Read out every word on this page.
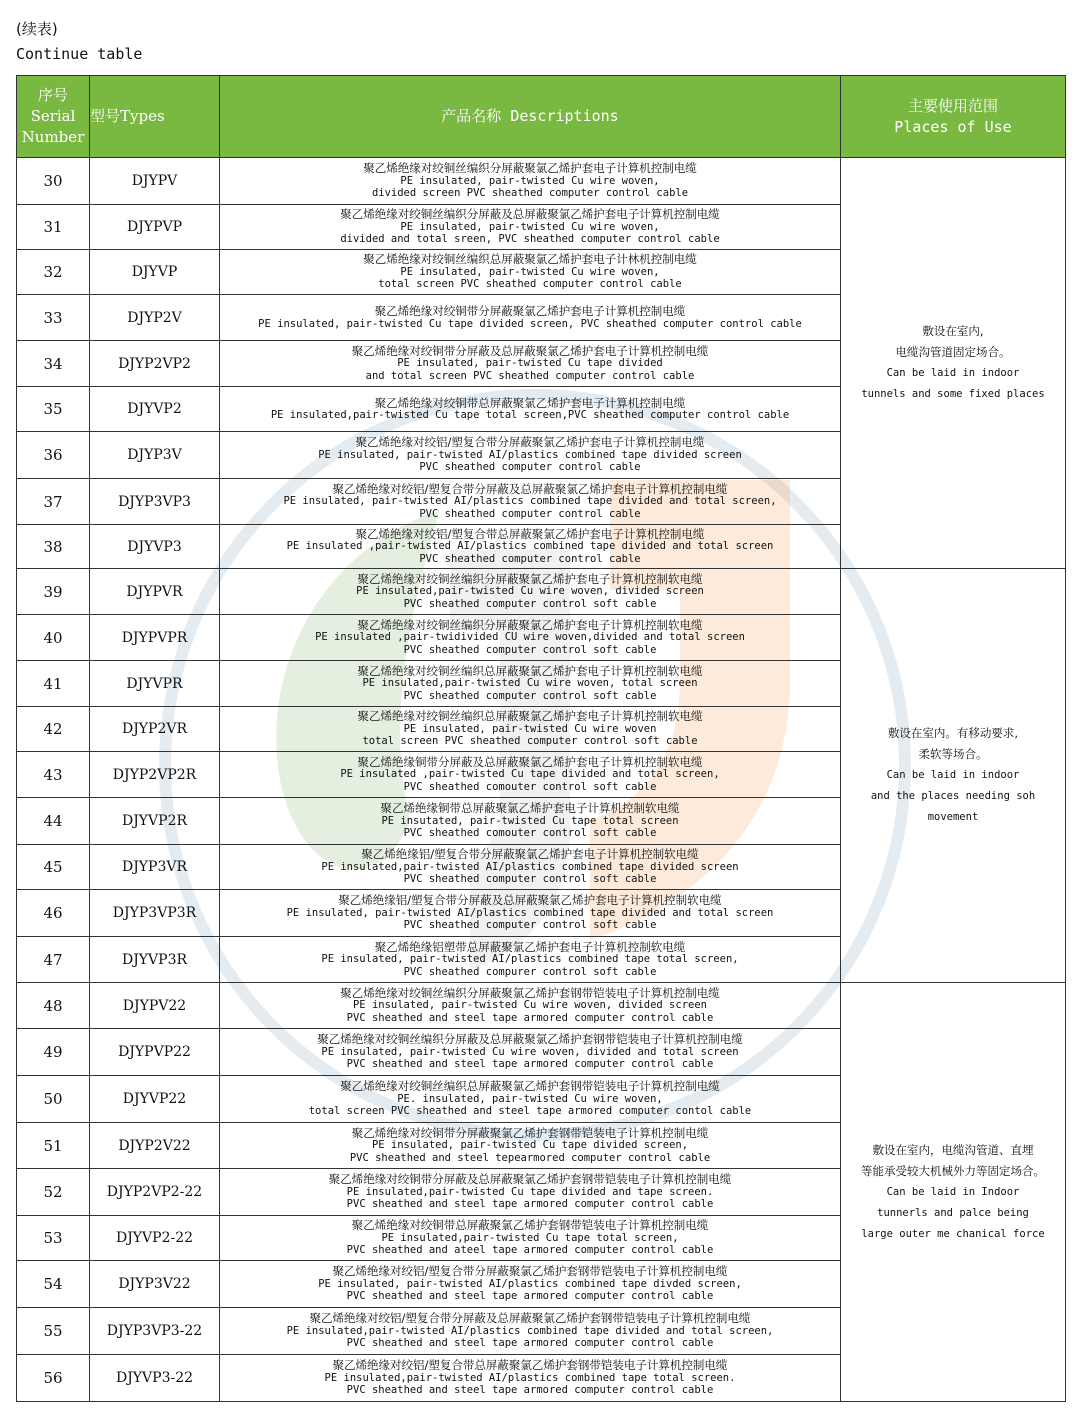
(续表)
Continue table
序号
Serial
Number	型号Types	产品名称 Descriptions	主要使用范围
Places of Use

30	DJYPV	聚乙烯绝缘对绞铜丝编织分屏蔽聚氯乙烯护套电子计算机控制电缆
PE insulated, pair-twisted Cu wire woven,
divided screen PVC sheathed computer control cable	敷设在室内,
电缆沟管道固定场合。
Can be laid in indoor
tunnels and some fixed places

31	DJYPVP	聚乙烯绝缘对绞铜丝编织分屏蔽及总屏蔽聚氯乙烯护套电子计算机控制电缆
PE insulated, pair-twisted Cu wire woven,
divided and total sreen, PVC sheathed computer control cable	

32	DJYVP	聚乙烯绝缘对绞铜丝编织总屏蔽聚氯乙烯护套电子计林机控制电缆
PE insulated, pair-twisted Cu wire woven,
total screen PVC sheathed computer control cable	

33	DJYP2V	聚乙烯绝缘对绞铜带分屏蔽聚氯乙烯护套电子计算机控制电缆
PE insulated, pair-twisted Cu tape divided screen, PVC sheathed computer control cable	

34	DJYP2VP2	聚乙烯绝缘对绞铜带分屏蔽及总屏蔽聚氯乙烯护套电子计算机控制电缆
PE insulated, pair-twisted Cu tape divided
and total screen PVC sheathed computer control cable	

35	DJYVP2	聚乙烯绝缘对绞铜带总屏蔽聚氯乙烯护套电子计算机控制电缆
PE insulated,pair-twisted Cu tape total screen,PVC sheathed computer control cable	

36	DJYP3V	聚乙烯绝缘对绞铝/塑复合带分屏蔽聚氯乙烯护套电子计算机控制电缆
PE insulated, pair-twisted AI/plastics combined tape divided screen
PVC sheathed computer control cable	

37	DJYP3VP3	聚乙烯绝缘对绞铝/塑复合带分屏蔽及总屏蔽聚氯乙烯护套电子计算机控制电缆
PE insulated, pair-twisted AI/plastics combined tape divided and total screen,
PVC sheathed computer control cable	

38	DJYVP3	聚乙烯绝缘对绞铝/塑复合带总屏蔽聚氯乙烯护套电子计算机控制电缆
PE insulated ,pair-twisted AI/plastics combined tape divided and total screen
PVC sheathed computer control cable	

39	DJYPVR	聚乙烯绝缘对绞铜丝编织分屏蔽聚氯乙烯护套电子计算机控制软电缆
PE insulated,pair-twisted Cu wire woven, divided screen
PVC sheathed computer control soft cable	敷设在室内。有移动要求,
柔软等场合。
Can be laid in indoor
and the places needing soh
movement

40	DJYPVPR	聚乙烯绝缘对绞铜丝编织分屏蔽聚氯乙烯护套电子计算机控制软电缆
PE insulated ,pair-twidivided CU wire woven,divided and total screen
PVC sheathed computer control soft cable	

41	DJYVPR	聚乙烯绝缘对绞铜丝编织总屏蔽聚氯乙烯护套电子计算机控制软电缆
PE insulated,pair-twisted Cu wire woven, total screen
PVC sheathed computer control soft cable	

42	DJYP2VR	聚乙烯绝缘对绞铜丝编织总屏蔽聚氯乙烯护套电子计算机控制软电缆
PE insulated, pair-twisted Cu wire woven
total screen PVC sheathed computer control soft cable	

43	DJYP2VP2R	聚乙烯绝缘铜带分屏蔽及总屏蔽聚氯乙烯护套电子计算机控制软电缆
PE insulated ,pair-twisted Cu tape divided and total screen,
PVC sheathed comouter control soft cable	

44	DJYVP2R	聚乙烯绝缘铜带总屏蔽聚氯乙烯护套电子计算机控制软电缆
PE insutated, pair-twisted Cu tape total screen
PVC sheathed comouter control soft cable	

45	DJYP3VR	聚乙烯绝缘铝/塑复合带分屏蔽聚氯乙烯护套电子计算机控制软电缆
PE insulated,pair-twisted AI/plastics combined tape divided screen
PVC sheathed computer control soft cable	

46	DJYP3VP3R	聚乙烯绝缘铝/塑复合带分屏蔽及总屏蔽聚氯乙烯护套电子计算机控制软电缆
PE insulated, pair-twisted AI/plastics combined tape divided and total screen
PVC sheathed computer control soft cable	

47	DJYVP3R	聚乙烯绝缘铝塑带总屏蔽聚氯乙烯护套电子计算机控制软电缆
PE insulated, pair-twisted AI/plastics combined tape total screen,
PVC sheathed compurer control soft cable	

48	DJYPV22	聚乙烯绝缘对绞铜丝编织分屏蔽聚氯乙烯护套钢带铠装电子计算机控制电缆
PE insulated, pair-twisted Cu wire woven, divided screen
PVC sheathed and steel tape armored computer control cable	敷设在室内，电缆沟管道、直埋
等能承受较大机械外力等固定场合。
Can be laid in Indoor
tunnerls and palce being
large outer me chanical force

49	DJYPVP22	聚乙烯绝缘对绞铜丝编织分屏蔽及总屏蔽聚氯乙烯护套钢带铠装电子计算机控制电缆
PE insulated, pair-twisted Cu wire woven, divided and total screen
PVC sheathed and steel tape armored computer control cable	

50	DJYVP22	聚乙烯绝缘对绞铜丝编织总屏蔽聚氯乙烯护套钢带铠装电子计算机控制电缆
PE. insulated, pair-twisted Cu wire woven,
total screen PVC sheathed and steel tape armored computer contol cable	

51	DJYP2V22	聚乙烯绝缘对绞铜带分屏蔽聚氯乙烯护套钢带铠装电子计算机控制电缆
PE insulated, pair-twisted Cu tape divided screen,
PVC sheathed and steel tepearmored computer control cable	

52	DJYP2VP2-22	聚乙烯绝缘对绞铜带分屏蔽及总屏蔽聚氯乙烯护套钢带铠装电子计算机控制电缆
PE insulated,pair-twisted Cu tape divided and tape screen.
PVC sheathed and steel tape armored computer control cable	

53	DJYVP2-22	聚乙烯绝缘对绞铜带总屏蔽聚氯乙烯护套钢带铠装电子计算机控制电缆
PE insulated,pair-twisted Cu tape total screen,
PVC sheathed and ateel tape armored computer control cable	

54	DJYP3V22	聚乙烯绝缘对绞铝/塑复合带分屏蔽聚氯乙烯护套钢带铠装电子计算机控制电缆
PE insulated, pair-twisted AI/plastics combined tape divded screen,
PVC sheathed and steel tape armored computer control cable	

55	DJYP3VP3-22	聚乙烯绝缘对绞铝/塑复合带分屏蔽及总屏蔽聚氯乙烯护套钢带铠装电子计算机控制电缆
PE insulated,pair-twisted AI/plastics combined tape divided and total screen,
PVC sheathed and steel tape armored computer control cable	

56	DJYVP3-22	聚乙烯绝缘对绞铝/塑复合带总屏蔽聚氯乙烯护套钢带铠装电子计算机控制电缆
PE insulated,pair-twisted AI/plastics combined tape total screen.
PVC sheathed and steel tape armored computer control cable	
